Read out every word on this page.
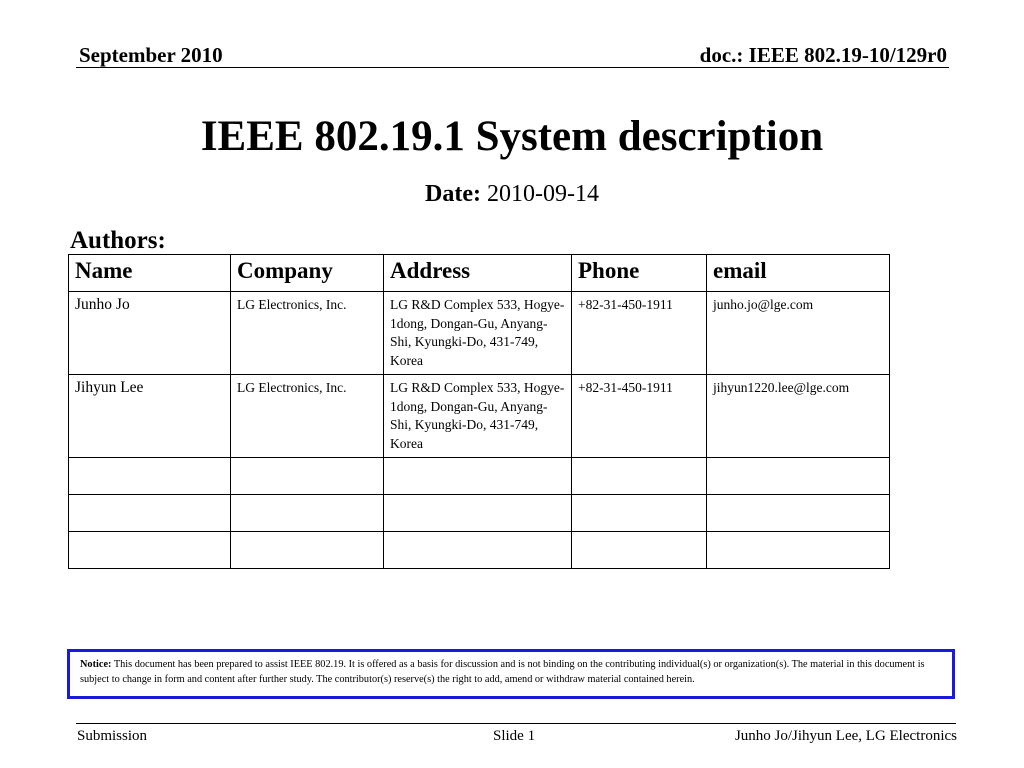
September 2010	doc.: IEEE 802.19-10/129r0
IEEE 802.19.1 System description
Date: 2010-09-14
Authors:
Name	Company	Address	Phone	email
Junho Jo	LG Electronics, Inc.	LG R&D Complex 533, Hogye-1dong, Dongan-Gu, Anyang-Shi, Kyungki-Do, 431-749, Korea	+82-31-450-1911	junho.jo@lge.com
Jihyun Lee	LG Electronics, Inc.	LG R&D Complex 533, Hogye-1dong, Dongan-Gu, Anyang-Shi, Kyungki-Do, 431-749, Korea	+82-31-450-1911	jihyun1220.lee@lge.com

Notice: This document has been prepared to assist IEEE 802.19. It is offered as a basis for discussion and is not binding on the contributing individual(s) or organization(s). The material in this document is subject to change in form and content after further study. The contributor(s) reserve(s) the right to add, amend or withdraw material contained herein.
Submission	Slide 1	Junho Jo/Jihyun Lee, LG Electronics
